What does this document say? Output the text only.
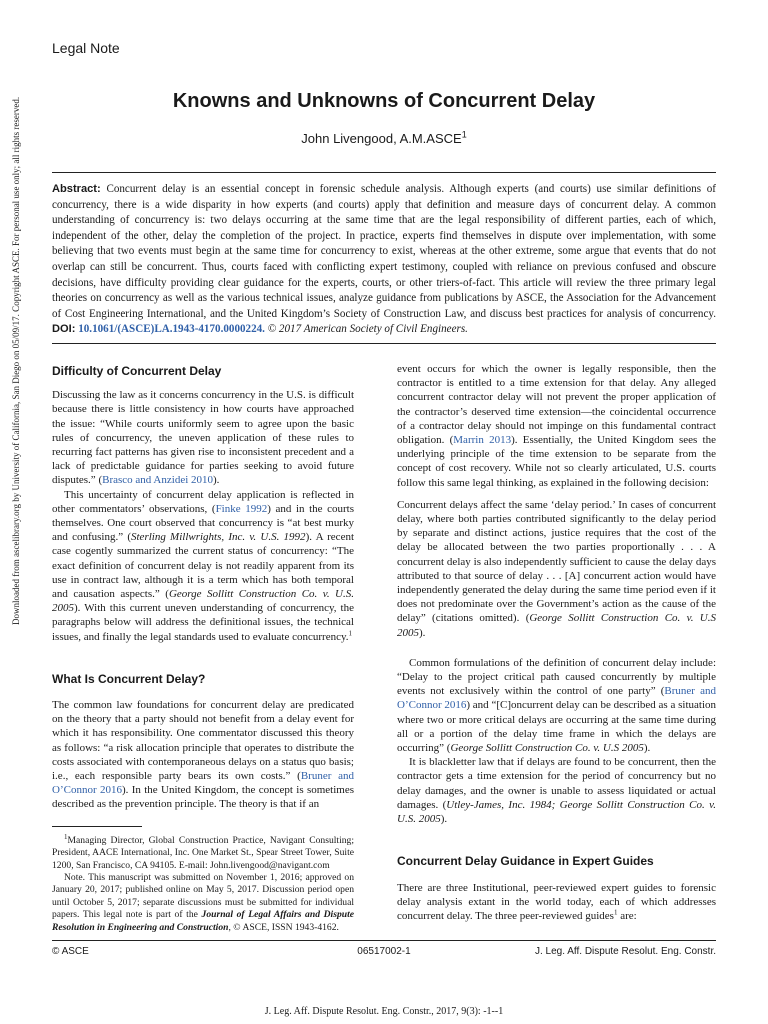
Downloaded from ascelibrary.org by University of California, San Diego on 05/09/17. Copyright ASCE. For personal use only; all rights reserved.
Legal Note
Knowns and Unknowns of Concurrent Delay
John Livengood, A.M.ASCE$^1$
Abstract: Concurrent delay is an essential concept in forensic schedule analysis. Although experts (and courts) use similar definitions of concurrency, there is a wide disparity in how experts (and courts) apply that definition and measure days of concurrent delay. A common understanding of concurrency is: two delays occurring at the same time that are the legal responsibility of different parties, each of which, independent of the other, delay the completion of the project. In practice, experts find themselves in dispute over implementation, with some believing that two events must begin at the same time for concurrency to exist, whereas at the other extreme, some argue that events that do not overlap can still be concurrent. Thus, courts faced with conflicting expert testimony, coupled with reliance on previous confused and obscure decisions, have difficulty providing clear guidance for the experts, courts, or other triers-of-fact. This article will review the three primary legal theories on concurrency as well as the various technical issues, analyze guidance from publications by ASCE, the Association for the Advancement of Cost Engineering International, and the United Kingdom’s Society of Construction Law, and discuss best practices for analysis of concurrency. DOI: 10.1061/(ASCE)LA.1943-4170.0000224. © 2017 American Society of Civil Engineers.
Difficulty of Concurrent Delay

Discussing the law as it concerns concurrency in the U.S. is difficult because there is little consistency in how courts have approached the issue: “While courts uniformly seem to agree upon the basic rules of concurrency, the uneven application of these rules to recurring fact patterns has given rise to inconsistent precedent and a lack of predictable guidance for parties seeking to avoid future disputes.” (Brasco and Anzidei 2010).

This uncertainty of concurrent delay application is reflected in other commentators’ observations, (Finke 1992) and in the courts themselves. One court observed that concurrency is “at best murky and confusing.” (Sterling Millwrights, Inc. v. U.S. 1992). A recent case cogently summarized the current status of concurrency: “The exact definition of concurrent delay is not readily apparent from its use in contract law, although it is a term which has both temporal and causation aspects.” (George Sollitt Construction Co. v. U.S. 2005). With this current uneven understanding of concurrency, the paragraphs below will address the definitional issues, the technical issues, and finally the legal standards used to evaluate concurrency.$^1$

What Is Concurrent Delay?

The common law foundations for concurrent delay are predicated on the theory that a party should not benefit from a delay event for which it has responsibility. One commentator discussed this theory as follows: “a risk allocation principle that operates to distribute the costs associated with contemporaneous delays on a status quo basis; i.e., each responsible party bears its own costs.” (Bruner and O’Connor 2016). In the United Kingdom, the concept is sometimes described as the prevention principle. The theory is that if an

$^1$Managing Director, Global Construction Practice, Navigant Consulting; President, AACE International, Inc. One Market St., Spear Street Tower, Suite 1200, San Francisco, CA 94105. E-mail: John.livengood@navigant.com

Note. This manuscript was submitted on November 1, 2016; approved on January 20, 2017; published online on May 5, 2017. Discussion period open until October 5, 2017; separate discussions must be submitted for individual papers. This legal note is part of the Journal of Legal Affairs and Dispute Resolution in Engineering and Construction, © ASCE, ISSN 1943-4162.

event occurs for which the owner is legally responsible, then the contractor is entitled to a time extension for that delay. Any alleged concurrent contractor delay will not prevent the proper application of the contractor’s deserved time extension—the coincidental occurrence of a contractor delay should not impinge on this fundamental contract obligation. (Marrin 2013). Essentially, the United Kingdom sees the underlying principle of the time extension to be separate from the concept of cost recovery. While not so clearly articulated, U.S. courts follow this same legal thinking, as explained in the following decision:

Concurrent delays affect the same ‘delay period.’ In cases of concurrent delay, where both parties contributed significantly to the delay period by separate and distinct actions, justice requires that the cost of the delay be allocated between the two parties proportionally . . . A concurrent delay is also independently sufficient to cause the delay days attributed to that source of delay . . . [A] concurrent action would have independently generated the delay during the same time period even if it does not predominate over the Government’s action as the cause of the delay” (citations omitted). (George Sollitt Construction Co. v. U.S 2005).

Common formulations of the definition of concurrent delay include: “Delay to the project critical path caused concurrently by multiple events not exclusively within the control of one party” (Bruner and O’Connor 2016) and “[C]oncurrent delay can be described as a situation where two or more critical delays are occurring at the same time during all or a portion of the delay time frame in which the delays are occurring” (George Sollitt Construction Co. v. U.S 2005).

It is blackletter law that if delays are found to be concurrent, then the contractor gets a time extension for the period of concurrency but no delay damages, and the owner is unable to assess liquidated or actual damages. (Utley-James, Inc. 1984; George Sollitt Construction Co. v. U.S. 2005).

Concurrent Delay Guidance in Expert Guides

There are three Institutional, peer-reviewed expert guides to forensic delay analysis extant in the world today, each of which addresses concurrent delay. The three peer-reviewed guides$^1$ are:

© ASCE	06517002-1	J. Leg. Aff. Dispute Resolut. Eng. Constr.
J. Leg. Aff. Dispute Resolut. Eng. Constr., 2017, 9(3): -1--1
